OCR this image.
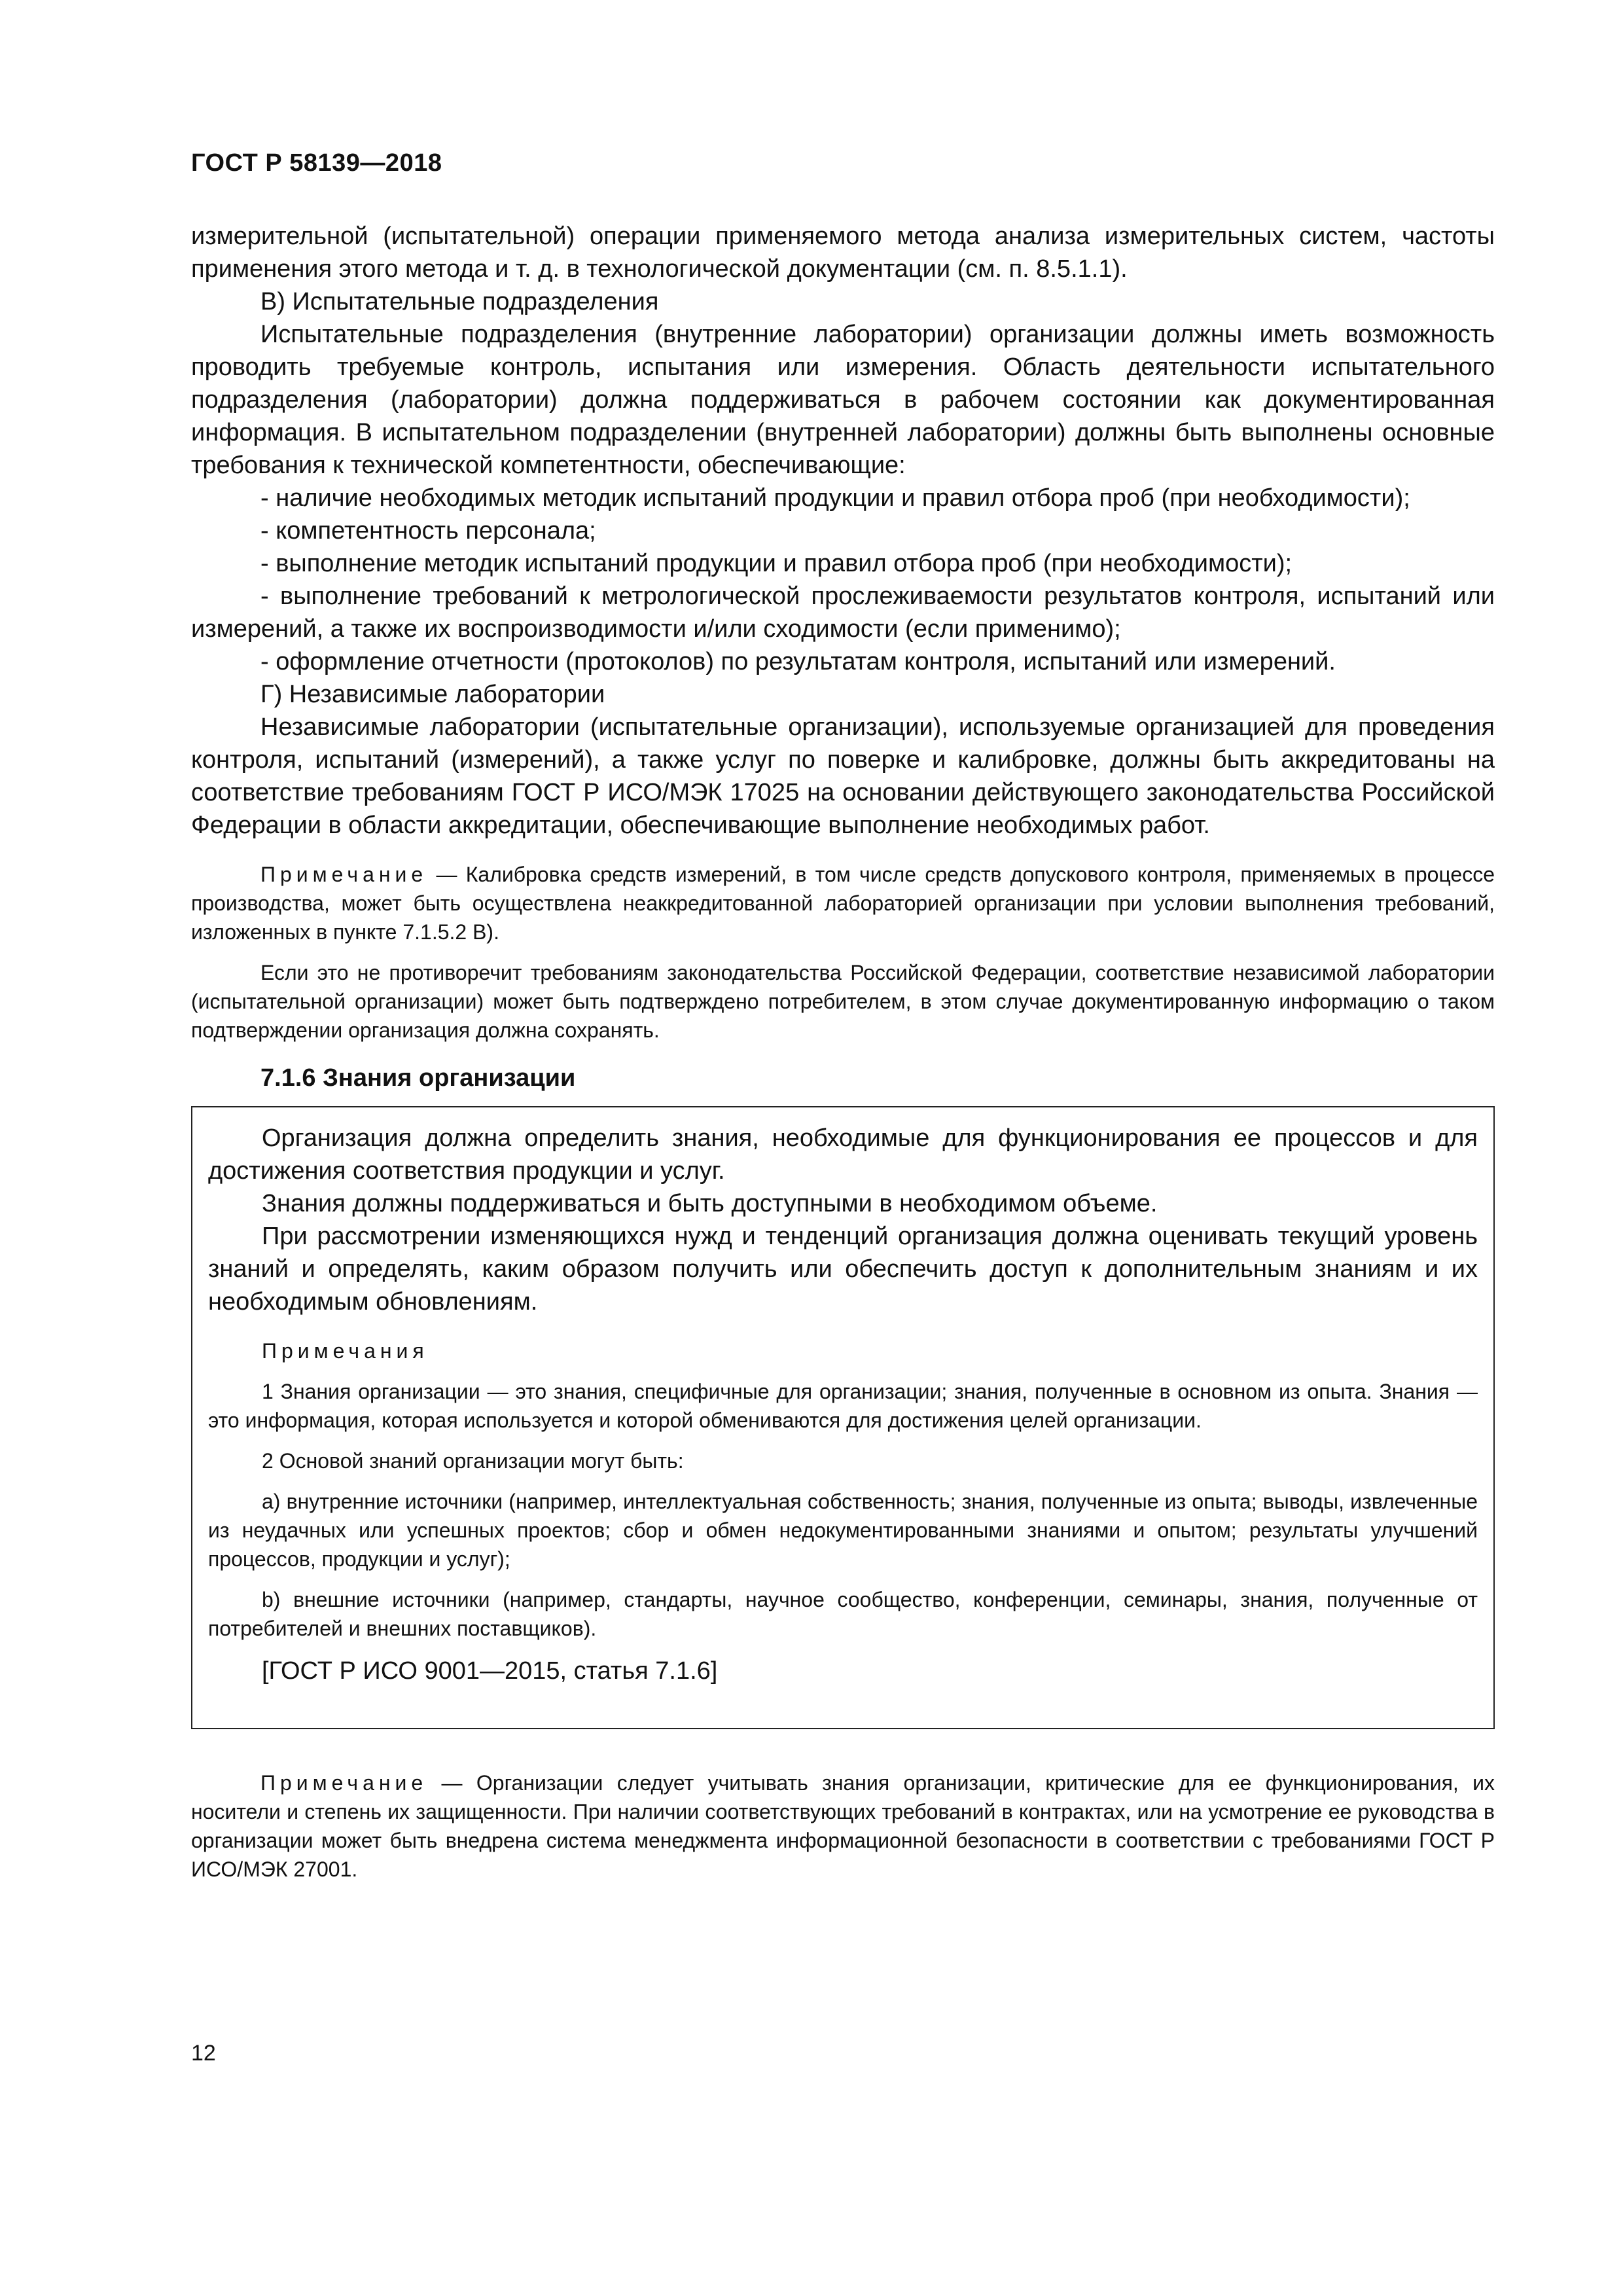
ГОСТ Р 58139—2018

измерительной (испытательной) операции применяемого метода анализа измерительных систем, частоты применения этого метода и т. д. в технологической документации (см. п. 8.5.1.1).

В) Испытательные подразделения

Испытательные подразделения (внутренние лаборатории) организации должны иметь возможность проводить требуемые контроль, испытания или измерения. Область деятельности испытательного подразделения (лаборатории) должна поддерживаться в рабочем состоянии как документированная информация. В испытательном подразделении (внутренней лаборатории) должны быть выполнены основные требования к технической компетентности, обеспечивающие:

- наличие необходимых методик испытаний продукции и правил отбора проб (при необходимости);

- компетентность персонала;

- выполнение методик испытаний продукции и правил отбора проб (при необходимости);

- выполнение требований к метрологической прослеживаемости результатов контроля, испытаний или измерений, а также их воспроизводимости и/или сходимости (если применимо);

- оформление отчетности (протоколов) по результатам контроля, испытаний или измерений.

Г) Независимые лаборатории

Независимые лаборатории (испытательные организации), используемые организацией для проведения контроля, испытаний (измерений), а также услуг по поверке и калибровке, должны быть аккредитованы на соответствие требованиям ГОСТ Р ИСО/МЭК 17025 на основании действующего законодательства Российской Федерации в области аккредитации, обеспечивающие выполнение необходимых работ.

Примечание — Калибровка средств измерений, в том числе средств допускового контроля, применяемых в процессе производства, может быть осуществлена неаккредитованной лабораторией организации при условии выполнения требований, изложенных в пункте 7.1.5.2 В).

Если это не противоречит требованиям законодательства Российской Федерации, соответствие независимой лаборатории (испытательной организации) может быть подтверждено потребителем, в этом случае документированную информацию о таком подтверждении организация должна сохранять.

7.1.6 Знания организации

Организация должна определить знания, необходимые для функционирования ее процессов и для достижения соответствия продукции и услуг.

Знания должны поддерживаться и быть доступными в необходимом объеме.

При рассмотрении изменяющихся нужд и тенденций организация должна оценивать текущий уровень знаний и определять, каким образом получить или обеспечить доступ к дополнительным знаниям и их необходимым обновлениям.

Примечания

1 Знания организации — это знания, специфичные для организации; знания, полученные в основном из опыта. Знания — это информация, которая используется и которой обмениваются для достижения целей организации.

2 Основой знаний организации могут быть:

a) внутренние источники (например, интеллектуальная собственность; знания, полученные из опыта; выводы, извлеченные из неудачных или успешных проектов; сбор и обмен недокументированными знаниями и опытом; результаты улучшений процессов, продукции и услуг);

b) внешние источники (например, стандарты, научное сообщество, конференции, семинары, знания, полученные от потребителей и внешних поставщиков).

[ГОСТ Р ИСО 9001—2015, статья 7.1.6]

Примечание — Организации следует учитывать знания организации, критические для ее функционирования, их носители и степень их защищенности. При наличии соответствующих требований в контрактах, или на усмотрение ее руководства в организации может быть внедрена система менеджмента информационной безопасности в соответствии с требованиями ГОСТ Р ИСО/МЭК 27001.

12
